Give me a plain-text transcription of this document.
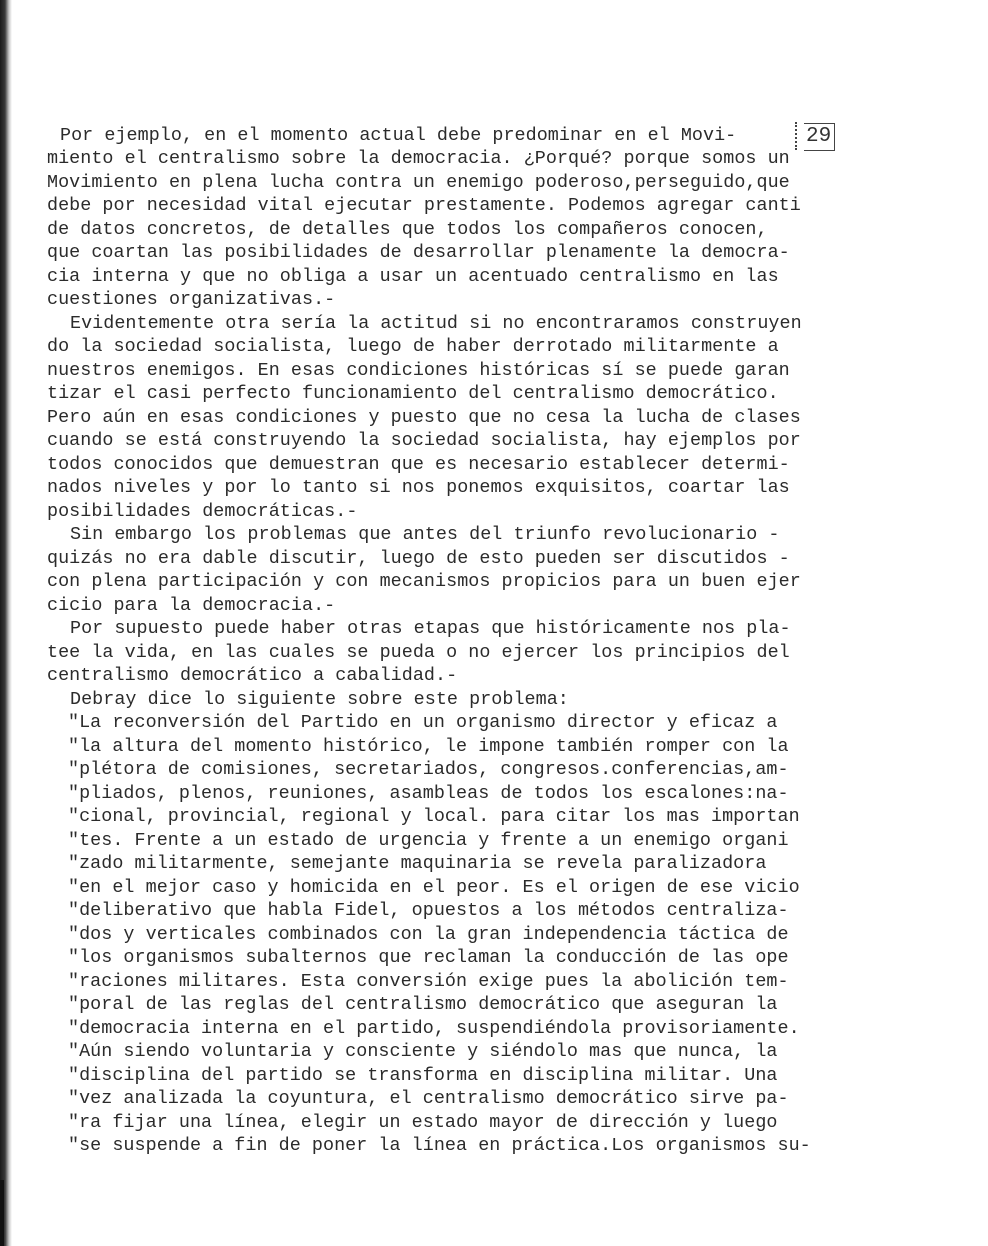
29
Por ejemplo, en el momento actual debe predominar en el Movi-
miento el centralismo sobre la democracia. ¿Porqué? porque somos un
Movimiento en plena lucha contra un enemigo poderoso,perseguido,que
debe por necesidad vital ejecutar prestamente. Podemos agregar canti
de datos concretos, de detalles que todos los compañeros conocen,
que coartan las posibilidades de desarrollar plenamente la democra-
cia interna y que no obliga a usar un acentuado centralismo en las
cuestiones organizativas.-
Evidentemente otra sería la actitud si no encontraramos construyen
do la sociedad socialista, luego de haber derrotado militarmente a
nuestros enemigos. En esas condiciones históricas sí se puede garan
tizar el casi perfecto funcionamiento del centralismo democrático.
Pero aún en esas condiciones y puesto que no cesa la lucha de clases
cuando se está construyendo la sociedad socialista, hay ejemplos por
todos conocidos que demuestran que es necesario establecer determi-
nados niveles y por lo tanto si nos ponemos exquisitos, coartar las
posibilidades democráticas.-
Sin embargo los problemas que antes del triunfo revolucionario -
quizás no era dable discutir, luego de esto pueden ser discutidos -
con plena participación y con mecanismos propicios para un buen ejer
cicio para la democracia.-
Por supuesto puede haber otras etapas que históricamente nos pla-
tee la vida, en las cuales se pueda o no ejercer los principios del
centralismo democrático a cabalidad.-
Debray dice lo siguiente sobre este problema:
"La reconversión del Partido en un organismo director y eficaz a
"la altura del momento histórico, le impone también romper con la
"plétora de comisiones, secretariados, congresos.conferencias,am-
"pliados, plenos, reuniones, asambleas de todos los escalones:na-
"cional, provincial, regional y local. para citar los mas importan
"tes. Frente a un estado de urgencia y frente a un enemigo organi
"zado militarmente, semejante maquinaria se revela paralizadora
"en el mejor caso y homicida en el peor. Es el origen de ese vicio
"deliberativo que habla Fidel, opuestos a los métodos centraliza-
"dos y verticales combinados con la gran independencia táctica de
"los organismos subalternos que reclaman la conducción de las ope
"raciones militares. Esta conversión exige pues la abolición tem-
"poral de las reglas del centralismo democrático que aseguran la
"democracia interna en el partido, suspendiéndola provisoriamente.
"Aún siendo voluntaria y consciente y siéndolo mas que nunca, la
"disciplina del partido se transforma en disciplina militar. Una
"vez analizada la coyuntura, el centralismo democrático sirve pa-
"ra fijar una línea, elegir un estado mayor de dirección y luego
"se suspende a fin de poner la línea en práctica.Los organismos su-
